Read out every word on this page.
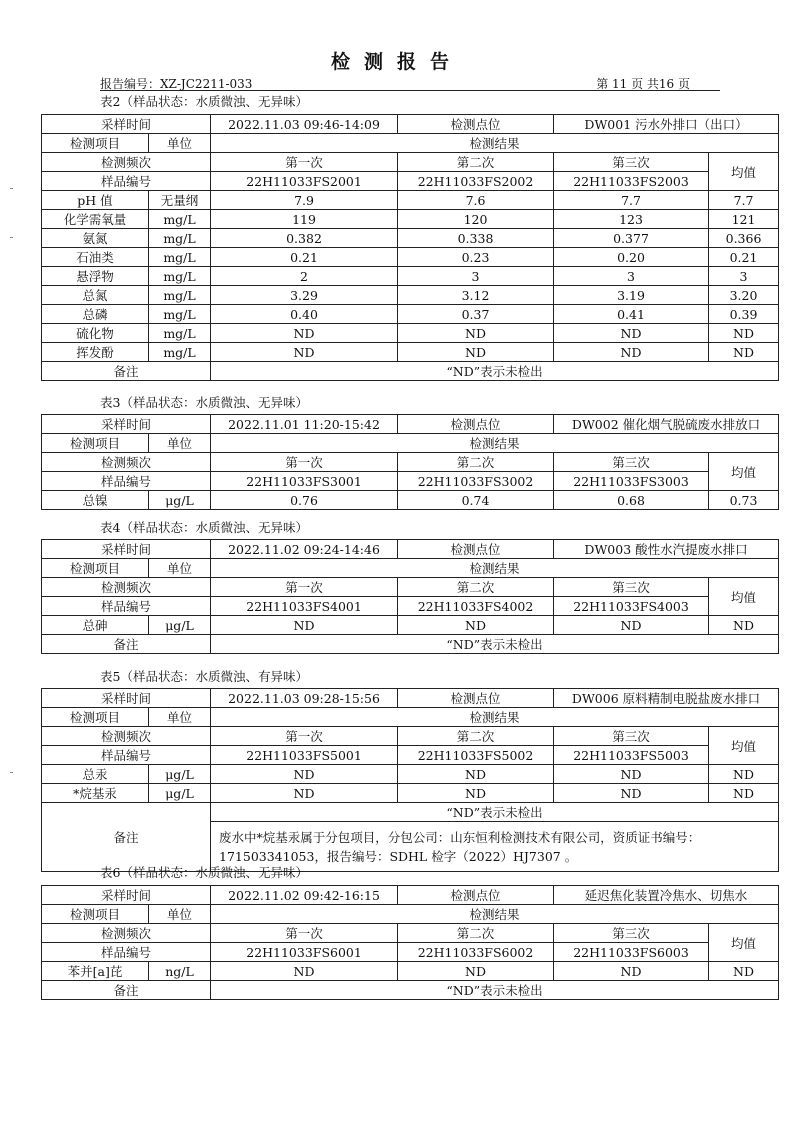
检测报告
报告编号：XZ-JC2211-033	第 11 页 共16 页
表2（样品状态：水质微浊、无异味）
采样时间		2022.11.03 09:46-14:09	检测点位	DW001 污水外排口（出口）	
检测项目	单位	检测结果			
检测频次		第一次	第二次	第三次	均值
样品编号		22H11033FS2001	22H11033FS2002	22H11033FS2003	
pH 值	无量纲	7.9	7.6	7.7	7.7
化学需氧量	mg/L	119	120	123	121
氨氮	mg/L	0.382	0.338	0.377	0.366
石油类	mg/L	0.21	0.23	0.20	0.21
悬浮物	mg/L	2	3	3	3
总氮	mg/L	3.29	3.12	3.19	3.20
总磷	mg/L	0.40	0.37	0.41	0.39
硫化物	mg/L	ND	ND	ND	ND
挥发酚	mg/L	ND	ND	ND	ND
备注		“ND”表示未检出			
表3（样品状态：水质微浊、无异味）
采样时间		2022.11.01 11:20-15:42	检测点位	DW002 催化烟气脱硫废水排放口	
检测项目	单位	检测结果			
检测频次		第一次	第二次	第三次	均值
样品编号		22H11033FS3001	22H11033FS3002	22H11033FS3003	
总镍	μg/L	0.76	0.74	0.68	0.73
表4（样品状态：水质微浊、无异味）
采样时间		2022.11.02 09:24-14:46	检测点位	DW003 酸性水汽提废水排口	
检测项目	单位	检测结果			
检测频次		第一次	第二次	第三次	均值
样品编号		22H11033FS4001	22H11033FS4002	22H11033FS4003	
总砷	μg/L	ND	ND	ND	ND
备注		“ND”表示未检出			
表5（样品状态：水质微浊、有异味）
采样时间		2022.11.03 09:28-15:56	检测点位	DW006 原料精制电脱盐废水排口	
检测项目	单位	检测结果			
检测频次		第一次	第二次	第三次	均值
样品编号		22H11033FS5001	22H11033FS5002	22H11033FS5003	
总汞	μg/L	ND	ND	ND	ND
*烷基汞	μg/L	ND	ND	ND	ND
备注		“ND”表示未检出			
		废水中*烷基汞属于分包项目，分包公司：山东恒利检测技术有限公司，资质证书编号：171503341053，报告编号：SDHL 检字（2022）HJ7307 。			
表6（样品状态：水质微浊、无异味）
采样时间		2022.11.02 09:42-16:15	检测点位	延迟焦化装置冷焦水、切焦水	
检测项目	单位	检测结果			
检测频次		第一次	第二次	第三次	均值
样品编号		22H11033FS6001	22H11033FS6002	22H11033FS6003	
苯并[a]芘	ng/L	ND	ND	ND	ND
备注		“ND”表示未检出			
